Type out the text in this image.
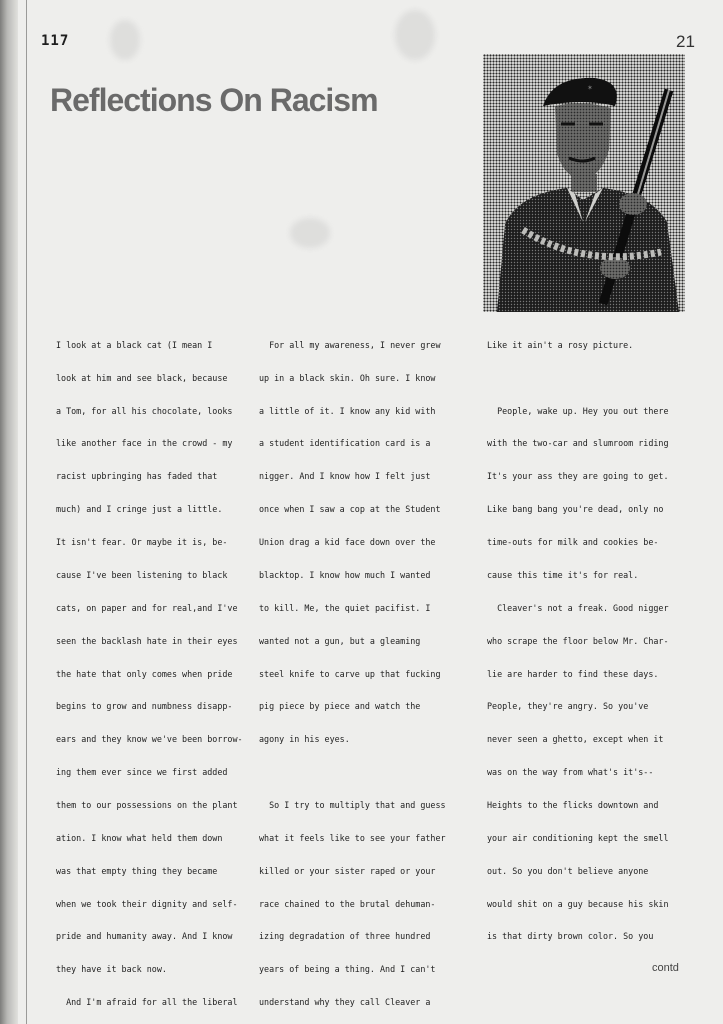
117	21
Reflections On Racism	✶

I look at a black cat (I mean I

look at him and see black, because

a Tom, for all his chocolate, looks

like another face in the crowd - my

racist upbringing has faded that

much) and I cringe just a little.

It isn't fear. Or maybe it is, be-

cause I've been listening to black

cats, on paper and for real,and I've

seen the backlash hate in their eyes

the hate that only comes when pride

begins to grow and numbness disapp-

ears and they know we've been borrow-

ing them ever since we first added

them to our possessions on the plant

ation. I know what held them down

was that empty thing they became

when we took their dignity and self-

pride and humanity away. And I know

they have it back now.

And I'm afraid for all the liberal

For all my awareness, I never grew

up in a black skin. Oh sure. I know

a little of it. I know any kid with

a student identification card is a

nigger. And I know how I felt just

once when I saw a cop at the Student

Union drag a kid face down over the

blacktop. I know how much I wanted

to kill. Me, the quiet pacifist. I

wanted not a gun, but a gleaming

steel knife to carve up that fucking

pig piece by piece and watch the

agony in his eyes.

So I try to multiply that and guess

what it feels like to see your father

killed or your sister raped or your

race chained to the brutal dehuman-

izing degradation of three hundred

years of being a thing. And I can't

understand why they call Cleaver a

Like it ain't a rosy picture.

People, wake up. Hey you out there

with the two-car and slumroom riding

It's your ass they are going to get.

Like bang bang you're dead, only no

time-outs for milk and cookies be-

cause this time it's for real.

Cleaver's not a freak. Good nigger

who scrape the floor below Mr. Char-

lie are harder to find these days.

People, they're angry. So you've

never seen a ghetto, except when it

was on the way from what's it's--

Heights to the flicks downtown and

your air conditioning kept the smell

out. So you don't believe anyone

would shit on a guy because his skin

is that dirty brown color. So you

contd
